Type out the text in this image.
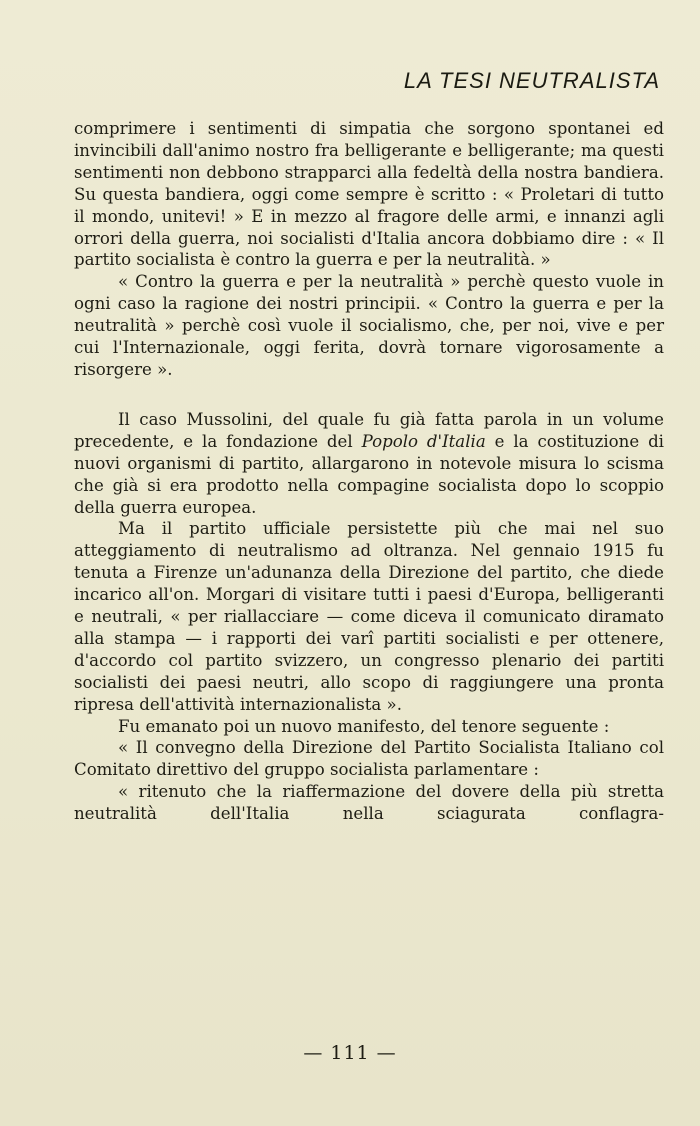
LA TESI NEUTRALISTA

comprimere i sentimenti di simpatia che sorgono spontanei ed invincibili dall'animo nostro fra belligerante e belligerante; ma questi sentimenti non debbono strapparci alla fedeltà della nostra bandiera. Su questa bandiera, oggi come sempre è scritto : « Proletari di tutto il mondo, unitevi! » E in mezzo al fragore delle armi, e innanzi agli orrori della guerra, noi socialisti d'Italia ancora dobbiamo dire : « Il partito socialista è contro la guerra e per la neutralità. »

« Contro la guerra e per la neutralità » perchè questo vuole in ogni caso la ragione dei nostri principii. « Contro la guerra e per la neutralità » perchè così vuole il socialismo, che, per noi, vive e per cui l'Internazionale, oggi ferita, dovrà tornare vigorosamente a risorgere ».

Il caso Mussolini, del quale fu già fatta parola in un volume precedente, e la fondazione del Popolo d'Italia e la costituzione di nuovi organismi di partito, allargarono in notevole misura lo scisma che già si era prodotto nella compagine socialista dopo lo scoppio della guerra europea.

Ma il partito ufficiale persistette più che mai nel suo atteggiamento di neutralismo ad oltranza. Nel gennaio 1915 fu tenuta a Firenze un'adunanza della Direzione del partito, che diede incarico all'on. Morgari di visitare tutti i paesi d'Europa, belligeranti e neutrali, « per riallacciare — come diceva il comunicato diramato alla stampa — i rapporti dei varî partiti socialisti e per ottenere, d'accordo col partito svizzero, un congresso plenario dei partiti socialisti dei paesi neutri, allo scopo di raggiungere una pronta ripresa dell'attività internazionalista ».

Fu emanato poi un nuovo manifesto, del tenore seguente :

« Il convegno della Direzione del Partito Socialista Italiano col Comitato direttivo del gruppo socialista parlamentare :

« ritenuto che la riaffermazione del dovere della più stretta neutralità dell'Italia nella sciagurata conflagra-

— 111 —
